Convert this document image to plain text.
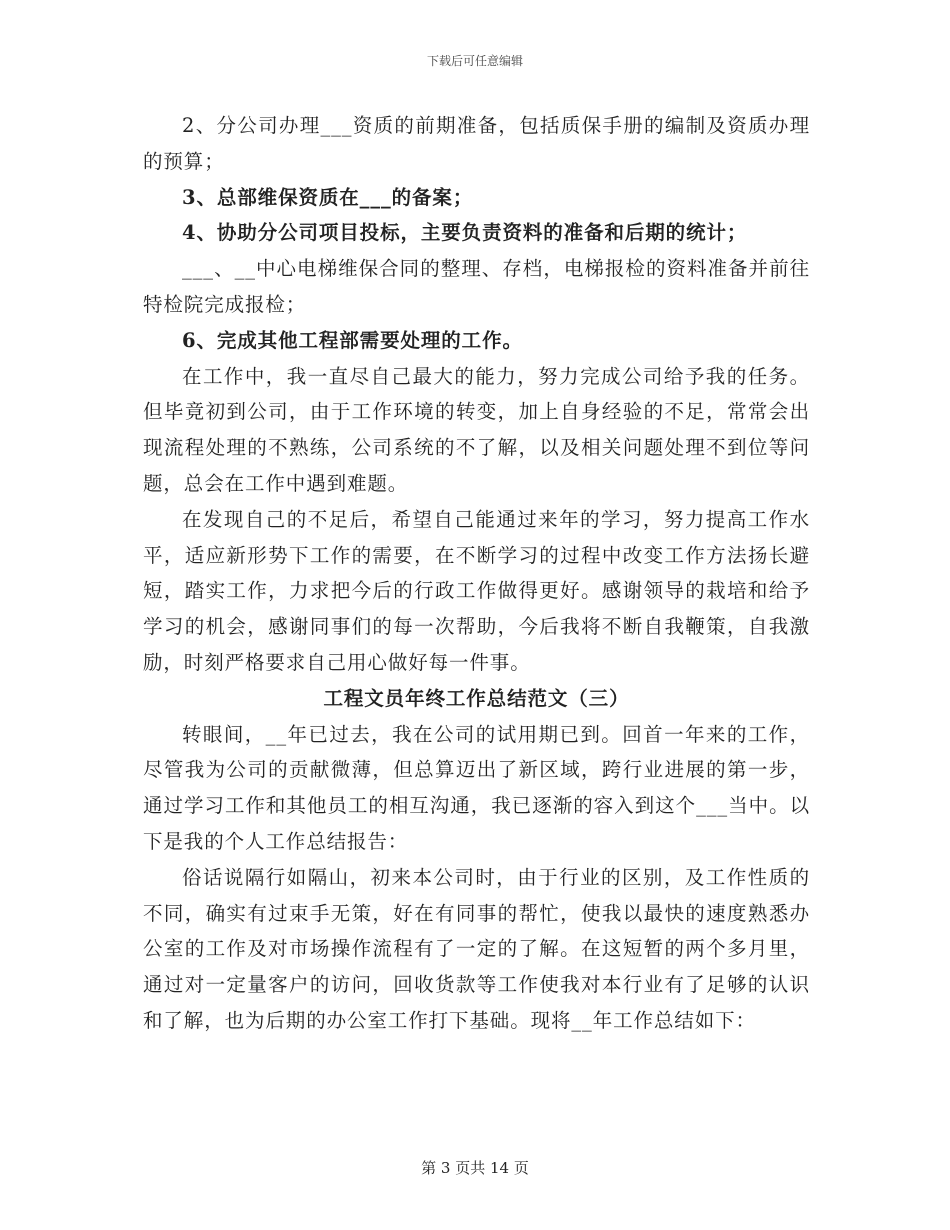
下载后可任意编辑

2、分公司办理___资质的前期准备，包括质保手册的编制及资质办理的预算；

3、总部维保资质在___的备案；

4、协助分公司项目投标，主要负责资料的准备和后期的统计；

___、__中心电梯维保合同的整理、存档，电梯报检的资料准备并前往特检院完成报检；

6、完成其他工程部需要处理的工作。

在工作中，我一直尽自己最大的能力，努力完成公司给予我的任务。但毕竟初到公司，由于工作环境的转变，加上自身经验的不足，常常会出现流程处理的不熟练，公司系统的不了解，以及相关问题处理不到位等问题，总会在工作中遇到难题。

在发现自己的不足后，希望自己能通过来年的学习，努力提高工作水平，适应新形势下工作的需要，在不断学习的过程中改变工作方法扬长避短，踏实工作，力求把今后的行政工作做得更好。感谢领导的栽培和给予学习的机会，感谢同事们的每一次帮助，今后我将不断自我鞭策，自我激励，时刻严格要求自己用心做好每一件事。

工程文员年终工作总结范文（三）

转眼间，__年已过去，我在公司的试用期已到。回首一年来的工作，尽管我为公司的贡献微薄，但总算迈出了新区域，跨行业进展的第一步，通过学习工作和其他员工的相互沟通，我已逐渐的容入到这个___当中。以下是我的个人工作总结报告：

俗话说隔行如隔山，初来本公司时，由于行业的区别，及工作性质的不同，确实有过束手无策，好在有同事的帮忙，使我以最快的速度熟悉办公室的工作及对市场操作流程有了一定的了解。在这短暂的两个多月里，通过对一定量客户的访问，回收货款等工作使我对本行业有了足够的认识和了解，也为后期的办公室工作打下基础。现将__年工作总结如下：

第 3 页共 14 页
